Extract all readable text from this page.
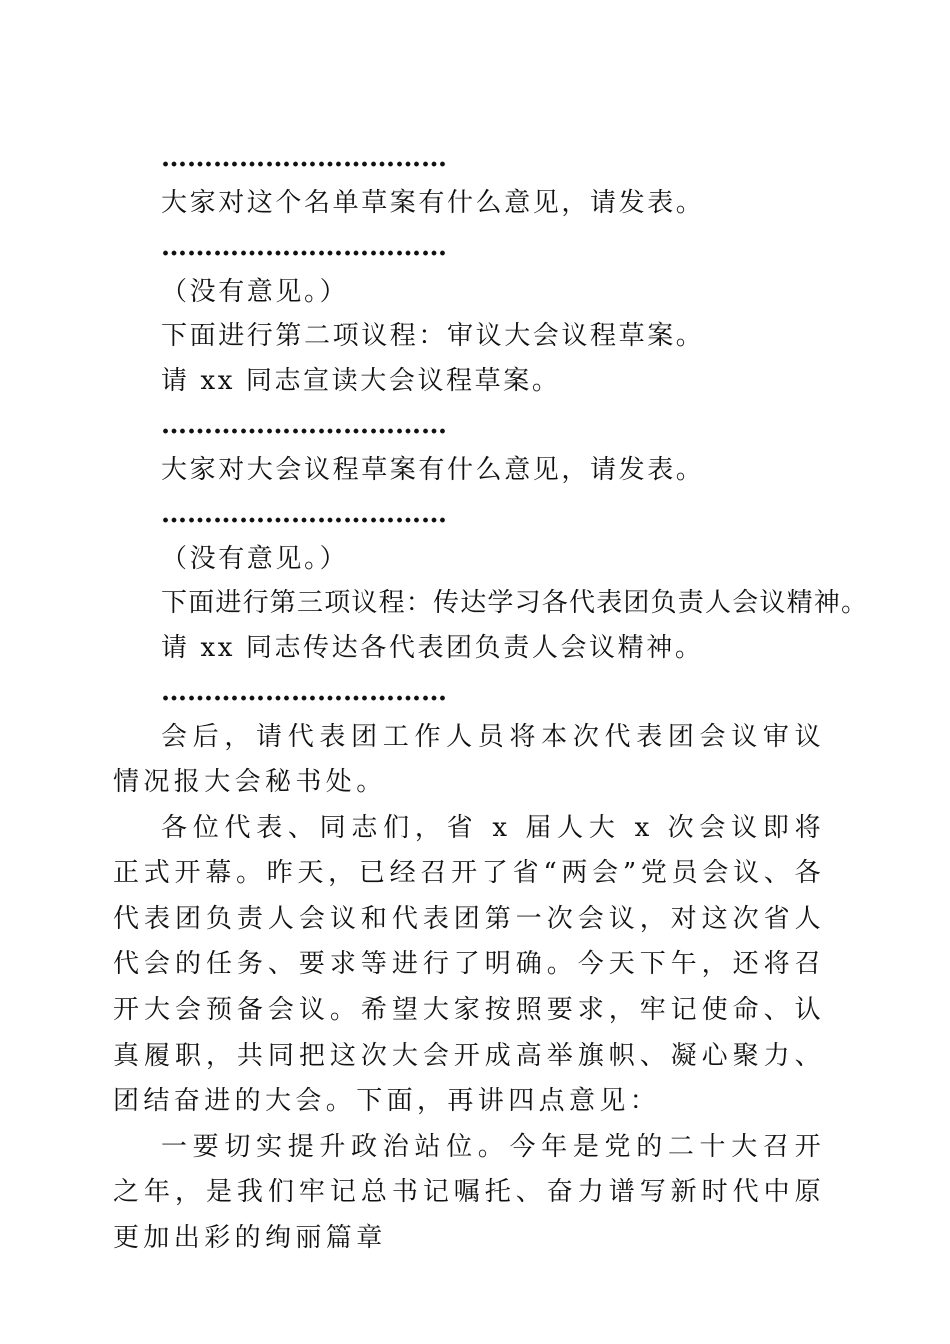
……………………………
大家对这个名单草案有什么意见，请发表。
……………………………
（没有意见。）
下面进行第二项议程：审议大会议程草案。
请 xx 同志宣读大会议程草案。
……………………………
大家对大会议程草案有什么意见，请发表。
……………………………
（没有意见。）
下面进行第三项议程：传达学习各代表团负责人会议精神。
请 xx 同志传达各代表团负责人会议精神。
……………………………

会后，请代表团工作人员将本次代表团会议审议情况报大会秘书处。

各位代表、同志们，省 x 届人大 x 次会议即将正式开幕。昨天，已经召开了省“两会”党员会议、各代表团负责人会议和代表团第一次会议，对这次省人代会的任务、要求等进行了明确。今天下午，还将召开大会预备会议。希望大家按照要求，牢记使命、认真履职，共同把这次大会开成高举旗帜、凝心聚力、团结奋进的大会。下面，再讲四点意见：

一要切实提升政治站位。今年是党的二十大召开之年，是我们牢记总书记嘱托、奋力谱写新时代中原更加出彩的绚丽篇章
